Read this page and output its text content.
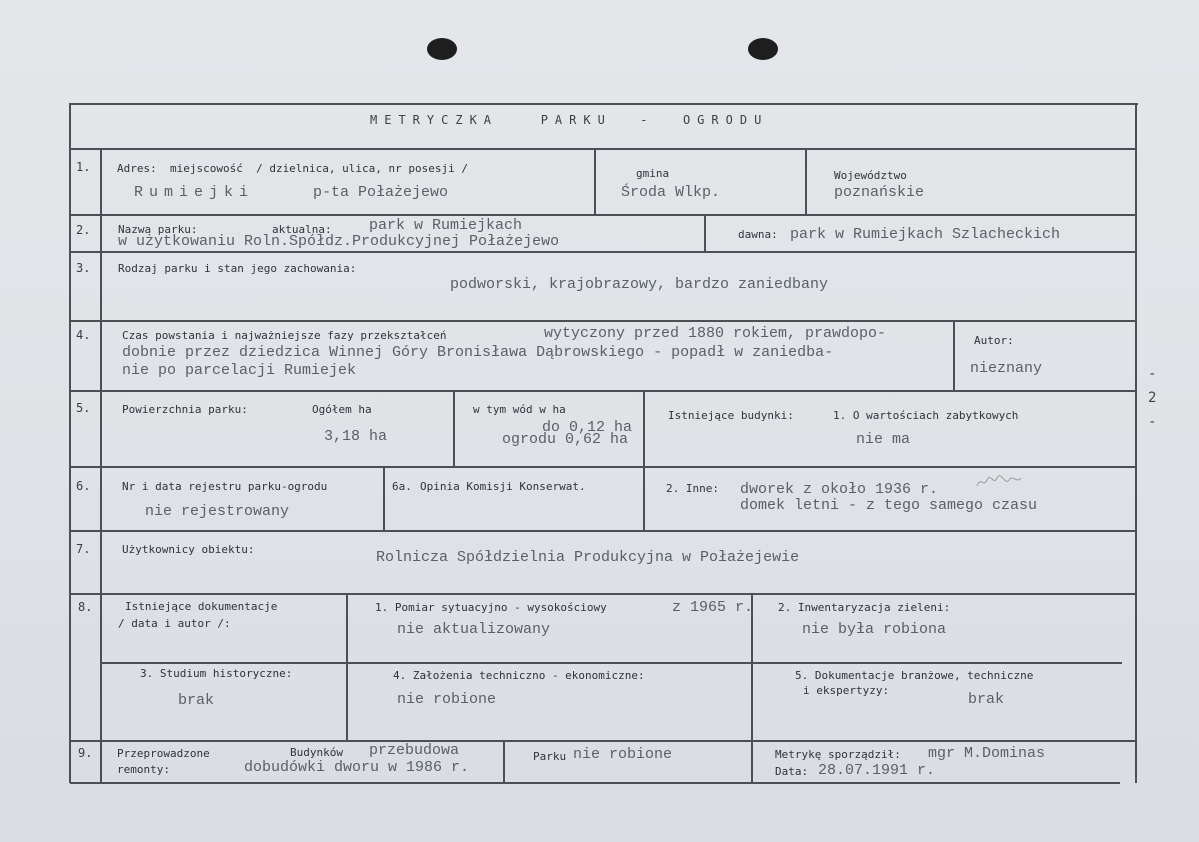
METRYCZKA   PARKU  -  OGRODU
1. Adres:  miejscowość  / dzielnica, ulica, nr posesji /
Rumiejki	p-ta Połażejewo
gmina
Środa Wlkp.
Województwo
poznańskie
2.	Nazwa parku:	aktualna: park w Rumiejkach
w użytkowaniu Roln.Spółdz.Produkcyjnej Połażejewo	dawna: park w Rumiejkach Szlacheckich
3.	Rodzaj parku i stan jego zachowania:
podworski, krajobrazowy, bardzo zaniedbany
4.	Czas powstania i najważniejsze fazy przekształceń	wytyczony przed 1880 rokiem, prawdopo-
dobnie przez dziedzica Winnej Góry Bronisława Dąbrowskiego - popadł w zaniedba-
nie po parcelacji Rumiejek
Autor:
nieznany
5.	Powierzchnia parku:	Ogółem ha
3,18 ha
w tym wód w ha
do 0,12 ha
ogrodu 0,62 ha
Istniejące budynki:	1. O wartościach zabytkowych
nie ma
6.	Nr i data rejestru parku-ogrodu
nie rejestrowany
6a. Opinia Komisji Konserwat.	2. Inne: dworek z około 1936 r.
domek letni - z tego samego czasu
7.	Użytkownicy obiektu:	Rolnicza Spółdzielnia Produkcyjna w Połażejewie
8.	Istniejące dokumentacje
/ data i autor /:
1. Pomiar sytuacyjno - wysokościowy	z 1965 r.
nie aktualizowany
2. Inwentaryzacja zieleni:
nie była robiona
3. Studium historyczne:
brak
4. Założenia techniczno - ekonomiczne:
nie robione
5. Dokumentacje branżowe, techniczne
i ekspertyzy:
brak
9. Przeprowadzone
remonty:
Budynków przebudowa
dobudówki dworu w 1986 r.
Parku nie robione	Metrykę sporządził: mgr M.Dominas
Data: 28.07.1991 r.
-
2
-
